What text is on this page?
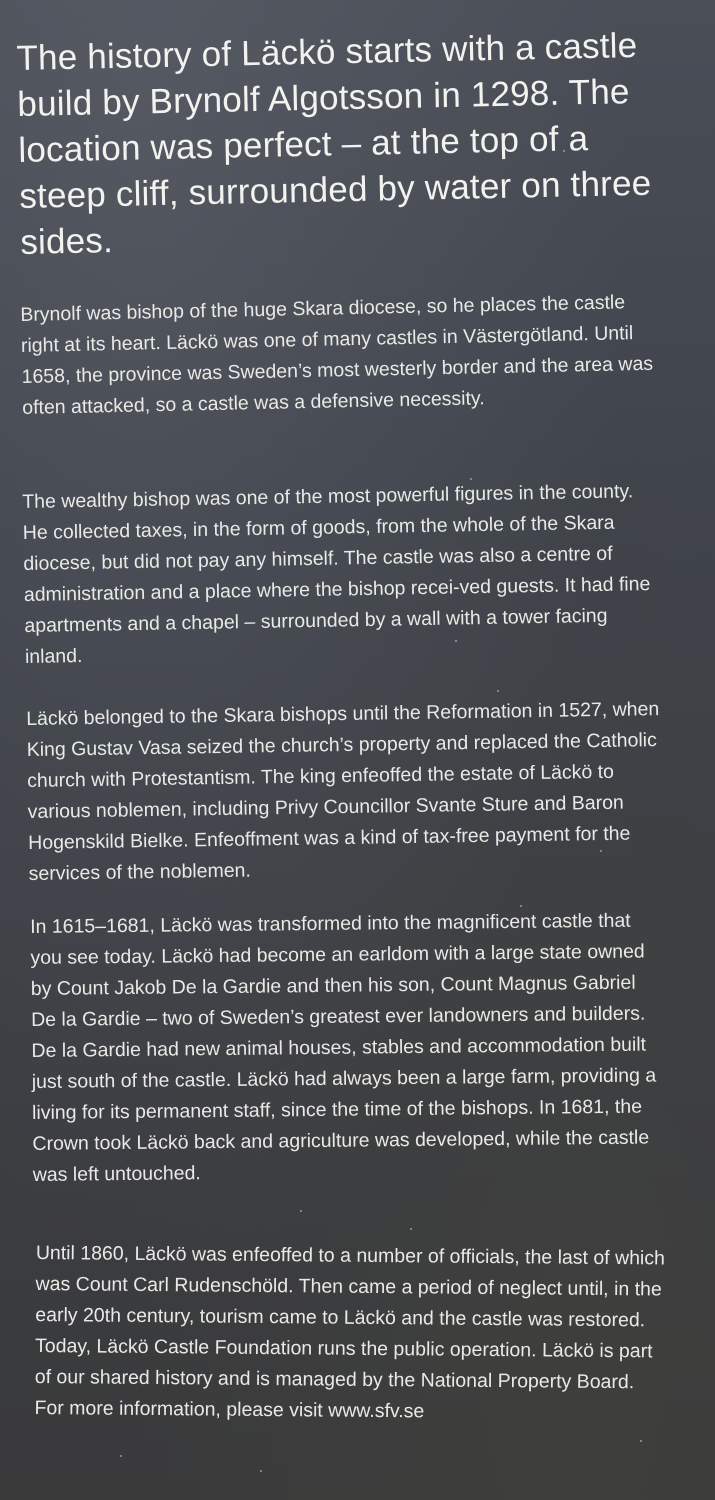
The history of Läckö starts with a castle build by Brynolf Algotsson in 1298. The location was perfect – at the top of a steep cliff, surrounded by water on three sides.

Brynolf was bishop of the huge Skara diocese, so he places the castle right at its heart. Läckö was one of many castles in Västergötland. Until 1658, the province was Sweden’s most westerly border and the area was often attacked, so a castle was a defensive necessity.

The wealthy bishop was one of the most powerful figures in the county. He collected taxes, in the form of goods, from the whole of the Skara diocese, but did not pay any himself. The castle was also a centre of administration and a place where the bishop recei-ved guests. It had fine apartments and a chapel – surrounded by a wall with a tower facing inland.

Läckö belonged to the Skara bishops until the Reformation in 1527, when King Gustav Vasa seized the church’s property and replaced the Catholic church with Protestantism. The king enfeoffed the estate of Läckö to various noblemen, including Privy Councillor Svante Sture and Baron Hogenskild Bielke. Enfeoffment was a kind of tax-free payment for the services of the noblemen.

In 1615–1681, Läckö was transformed into the magnificent castle that you see today. Läckö had become an earldom with a large state owned by Count Jakob De la Gardie and then his son, Count Magnus Gabriel De la Gardie – two of Sweden’s greatest ever landowners and builders. De la Gardie had new animal houses, stables and accommodation built just south of the castle. Läckö had always been a large farm, providing a living for its permanent staff, since the time of the bishops. In 1681, the Crown took Läckö back and agriculture was developed, while the castle was left untouched.

Until 1860, Läckö was enfeoffed to a number of officials, the last of which was Count Carl Rudenschöld. Then came a period of neglect until, in the early 20th century, tourism came to Läckö and the castle was restored. Today, Läckö Castle Foundation runs the public operation. Läckö is part of our shared history and is managed by the National Property Board. For more information, please visit www.sfv.se
